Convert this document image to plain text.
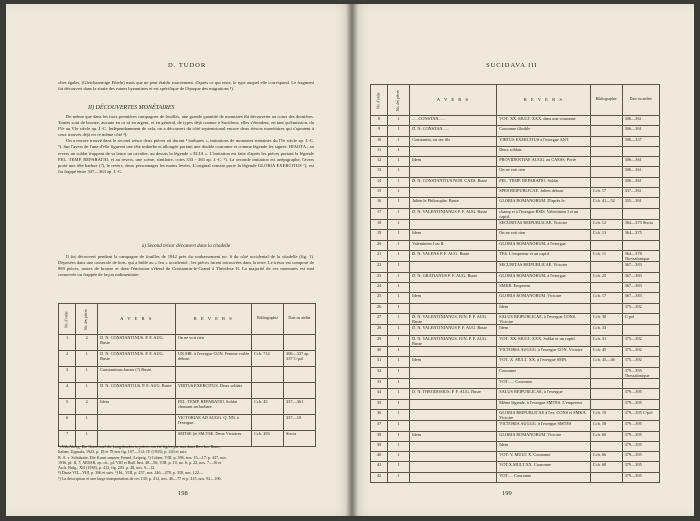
D. TUDOR

clies égales, (Gleichzarmige Fibeln) mais que ne peut établir exactement, d'après ce qui reste, le type auquel elle correspond. Le fragment fut découvert dans la strate des ruines byzantines et est spécifique de l'époque des migrations ³).

II) DÉCOUVERTES MONÉTAIRES

De même que dans les trois premières campagnes de fouilles, une grande quantité de monnaies fût découverte au cours des dernières. Toutes sont de bronze, aucune en or ni en argent, et en général, de types déjà connue à Sucidava; elles s'étendent, en tant qu'émission, du IVe au VIe siècle ap. J.-C. Indépendamment de cela, on a découvert du côté septentrional encore deux trésors monétaires qui s'ajoutent à ceux trouvés déjà en ce même côté ⁴).

On a encore trouvé dans le second trésor deux pièces où durant ² barbares », imitations de monnaies romaines du IVe siècle ap. J.-C. ⁵). Sur l'avers de l'une d'elle figurent une tête imberbe et allongée portant une double couronne et comme légende les signes: HIAOTA.; au revers un soldat frappant de sa lance un cavalier, au dessus la légende « ELIA ». L'imitation est faite d'après les pièces portant la légende FEL. TEMP. REPARATIO, et au revers, une scène, similaire, cotes 333 - 363 ap. J.-C. ⁶). La seconde imitation est anépigraphe, l'avers porte une tête barbue (?), le revers, deux personnages les mains levées, L'original romain porte la légende GLORIA EXERCITUS ⁷), est fut frappé entre 337—363 ap. J.-C.

a) Second trésor découvert dans la citadelle

Il fut découvert pendant la campagne de fouilles de 1942 près du soubassement no. 6 du côté occidental de la citadelle (fig. 1). Déposées dans une casserole de bois, qui a brûlé au « feu » accidentel ; les pièces furent retrouvées dans la terre. Le trésor est composé de 889 pièces, toutes de bronze et dont l'émission s'étend de Constantin-le-Grand à Théodose II. La majorité de ces monnaies est mal conservée ou frappée de façon rudimentaire.

No. d'ordre	No. des pièces	A V E R S	R E V E R S	Bibliographie	Date ou atelier
1	2	D. N. CONSTANTINUS. P. F. AUG. Buste	On ne voit rien		
2	1	D. N. CONSTANTINUS. P. F. AUG. Buste	UN.MR. à l'exergue CON. Femme voilée debout	Cch. 714	306—337 ap. 337 C-pol
3	1	Constantinus Junior (?) Buste.			
4	1	D. N. CONSTANTIUS. P. F. AUG. Buste	VIRTUS EXERCITUS. Deux soldats		
5	2	Idem	FEL. TEMP. REPARATIO. Soldat chassant un barbare	Cch. 45	337—361
6	1		VICTORIAE AD AUGG. Q. NN. à l'exergue:		337—18
7	1		SMTSE (et SM.TSE. Deux Victoires.	Cch. 293	Siscia
³) Nils Aberg, Die Goten und die Langobarden in pièces ont été figées par moi dans Rev. Int. Rom.,
Italien, Uppsala, 1923, p. 18 et 78 nos fig. 107—112; IV (1935), p. 243 et suiv.
B. A. v. Schubotte, Die Kunst unserer Fremd. Leipzig, ⁵) Cohen, VIII, p. 396, nos. 15—17; p. 447, nos.
1936, pl. II, 7; ARSSR, op. cit., pl. VIII et Bull. Inst. 48—56; VIII, p. 10, no. 6; p. 22, nos. 7—16 et
Arch. Bulg., XII (1938), p. 412, fig. 203. p. 48, nos. 9—12.
⁴) Dacia VII—VIII, p. 386 et suiv. ⁶) Id., VIII, p. 257, nos. 246—278, p. 350, nos. 122—
⁵) La description et une large interpretation de ces 130; p. 412, nos. 46—77 et p. 415, nos. 92—106.
198
SUCIDAVA III
199
No. d'ordre	No. des pièces	A V E R S	R E V E R S	Bibliographie	Date ou atelier
8	1	......CONSTAN......	VOT. XX. MULT. XXX. dans une couronne		306—361
9	1	D. N. CONSTAN......	Couronne illisible		306—361
10	1	Constantin, ou ses fils	VIRTUS EXERCITUS à l'exergue ANT.		306—337
11	1		Deux soldats		
12	1	Idem	PROVIDENTIAE AUGG. au CAESS. Porte		306—361
13	1		On ne voit rien		306—361
14	1	D. N. CONSTANTIUS NOB. CAES. Buste	FEL. TEMP. REPARATIO. Soldat		306—361
15	1		SPES REIPUBLICAE. Julien debout	Cch. 17	337—361
16	1	Julien le Philosophe. Buste	GLORIA ROMANORUM. D'après le	Cch. 41—52	355—361
17	1	D. N. VALENTINIANUS P. F. AUG. Buste	champ et à l'exergue BSIS. Valentinien I et un captif.		
18	1		SECURITAS REIPUBLICAE. Victoire	Cch. 12	364—375 Siscia
19	1	Idem	On ne voit rien	Cch. 13	364—375
20	1	Valentinien I ou II.	GLORIA ROMANORUM, à l'exergue		
21	1	D. N. VALENS P. F. AUG. Buste	TES. L'empereur et un captif.	Cch. 11	364—378 Thessalonique
22	1		SECURITAS REIPUBLICAE. Victoire		367—383
23	1	D. N. GRATIANUS P. F. AUG. Buste	GLORIA ROMANORUM, à l'exergue	Cch. 25	367—383
24	1		SMKB. Empereur		367—383
25	1	Idem	GLORIA ROMANORUM. Victoire	Cch. 17	367—383
26	1		Idem		375—392
27	1	D. N. VALENTINIANUS. IUN. P. F. AUG. Buste	SALUS REIPUBLICAE, à l'exergue CONS. Victoire	Cch. 30	C-pol
28	1	D. N. VALENTINIANUS P. F. AUG. Buste	Idem	Cch. 33	
29	1	D. N. VALENTINIANUS. IUN. P. F. AUG. Buste	VOT. XX. MULT. XXX. Soldat et un captif.	Cch. 31	375—392
30	1		VICTORIA AUGGG. à l'exergue CON. Victoire	Cch. 45	375—392
31	1	Idem	VOT. X. MULT. XX. à l'exergue SMN.	Cch. 45—46	375—392
32	1		Couronne		379—395 Thessalonique
33	1		VOT...... Couronne		
34	1	D. N. THEODOSIUS. P. F. AUG. Buste	SALUS REIPUBLICAE, à l'exergue		379—395
35	1		Même légende, à l'exergue SMTES. L'empereur		379—395
36	1		GLORIA REIPUBLICAE à l'ex. CONS et SMKA. Victoire	Cch. 19	379—395 C-pol
37	1		VICTORIA AUGGG. à l'exergue SMTES	Cch. 58	379—395
38	1	Idem	GLORIA ROMANORUM. Victoire	Cch. 60	379—395
39	1		Idem		379—395
40	1		VOT. V. MULT. X. Couronne	Cch. 66	379—395
41	1		VOT.X.MULT.XX. Couronne	Cch. 68	379—395
42	1		VOT..... Couronne		379—395
